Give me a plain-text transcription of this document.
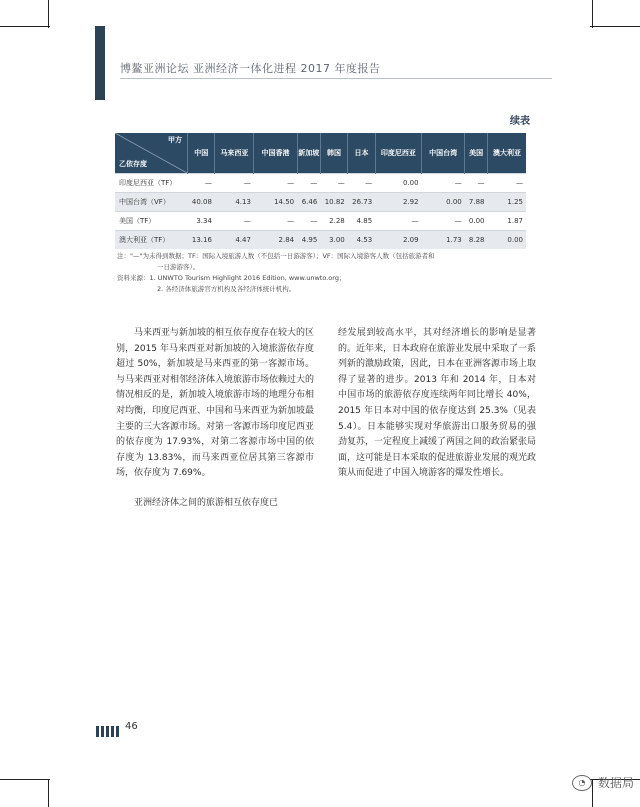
博鳌亚洲论坛 亚洲经济一体化进程 2017 年度报告
续表
甲方
乙依存度	中国	马来西亚	中国香港	新加坡	韩国	日本	印度尼西亚	中国台湾	美国	澳大利亚
印度尼西亚（TF）	—	—	—	—	—	—	0.00	—	—	—
中国台湾（VF）	40.08	4.13	14.50	6.46	10.82	26.73	2.92	0.00	7.88	1.25
美国（TF）	3.34	—	—	—	2.28	4.85	—	—	0.00	1.87
澳大利亚（TF）	13.16	4.47	2.84	4.95	3.00	4.53	2.09	1.73	8.28	0.00
注："—"为未得到数据；TF：国际入境旅游人数（不包括一日游游客）；VF：国际入境游客人数（包括旅游者和
一日游游客）。
资料来源：1. UNWTO Tourism Highlight 2016 Edition, www.unwto.org；
2. 各经济体旅游官方机构及各经济体统计机构。

马来西亚与新加坡的相互依存度存在较大的区别，2015 年马来西亚对新加坡的入境旅游依存度超过 50%，新加坡是马来西亚的第一客源市场。与马来西亚对相邻经济体入境旅游市场依赖过大的情况相反的是，新加坡入境旅游市场的地理分布相对均衡，印度尼西亚、中国和马来西亚为新加坡最主要的三大客源市场。对第一客源市场印度尼西亚的依存度为 17.93%，对第二客源市场中国的依存度为 13.83%，而马来西亚位居其第三客源市场，依存度为 7.69%。

亚洲经济体之间的旅游相互依存度已

经发展到较高水平，其对经济增长的影响是显著的。近年来，日本政府在旅游业发展中采取了一系列新的激励政策，因此，日本在亚洲客源市场上取得了显著的进步。2013 年和 2014 年，日本对中国市场的旅游依存度连续两年同比增长 40%，2015 年日本对中国的依存度达到 25.3%（见表 5.4）。日本能够实现对华旅游出口服务贸易的强劲复苏，一定程度上减缓了两国之间的政治紧张局面，这可能是日本采取的促进旅游业发展的观光政策从而促进了中国入境游客的爆发性增长。

46
◔	数据局
